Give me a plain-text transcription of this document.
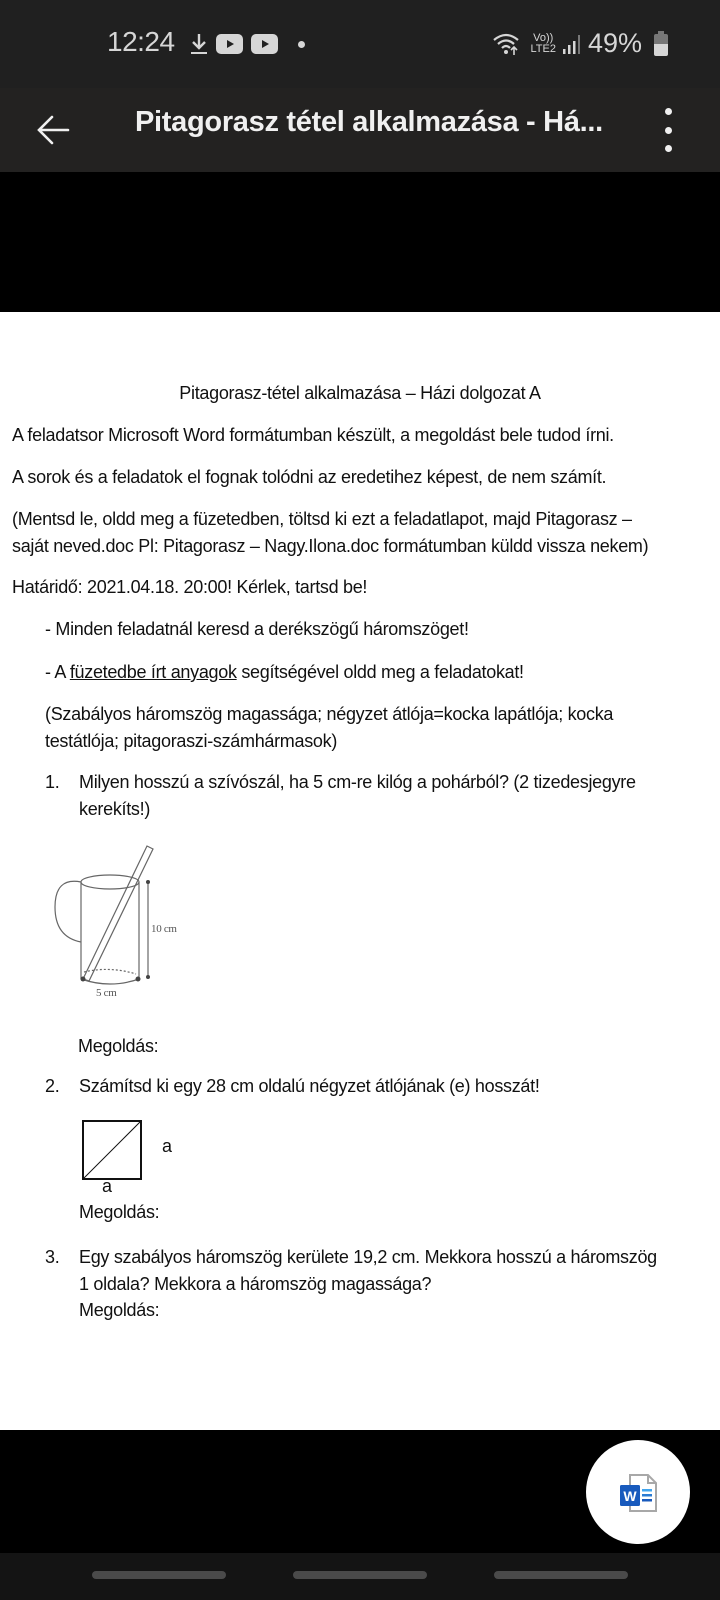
12:24	Vo))
LTE2 49%
Pitagorasz tétel alkalmazása - Há...
Pitagorasz-tétel alkalmazása – Házi dolgozat A
A feladatsor Microsoft Word formátumban készült, a megoldást bele tudod írni.
A sorok és a feladatok el fognak tolódni az eredetihez képest, de nem számít.
(Mentsd le, oldd meg a füzetedben, töltsd ki ezt a feladatlapot, majd Pitagorasz –
saját neved.doc Pl: Pitagorasz – Nagy.Ilona.doc formátumban küldd vissza nekem)
Határidő: 2021.04.18. 20:00! Kérlek, tartsd be!
- Minden feladatnál keresd a derékszögű háromszöget!
- A füzetedbe írt anyagok segítségével oldd meg a feladatokat!
(Szabályos háromszög magassága; négyzet átlója=kocka lapátlója; kocka
testátlója; pitagoraszi-számhármasok)
1. Milyen hosszú a szívószál, ha 5 cm-re kilóg a pohárból? (2 tizedesjegyre
kerekíts!)
10 cm
5 cm
Megoldás:
2. Számítsd ki egy 28 cm oldalú négyzet átlójának (e) hosszát!
a
a
Megoldás:
3. Egy szabályos háromszög kerülete 19,2 cm. Mekkora hosszú a háromszög
1 oldala? Mekkora a háromszög magassága?
Megoldás:
W
